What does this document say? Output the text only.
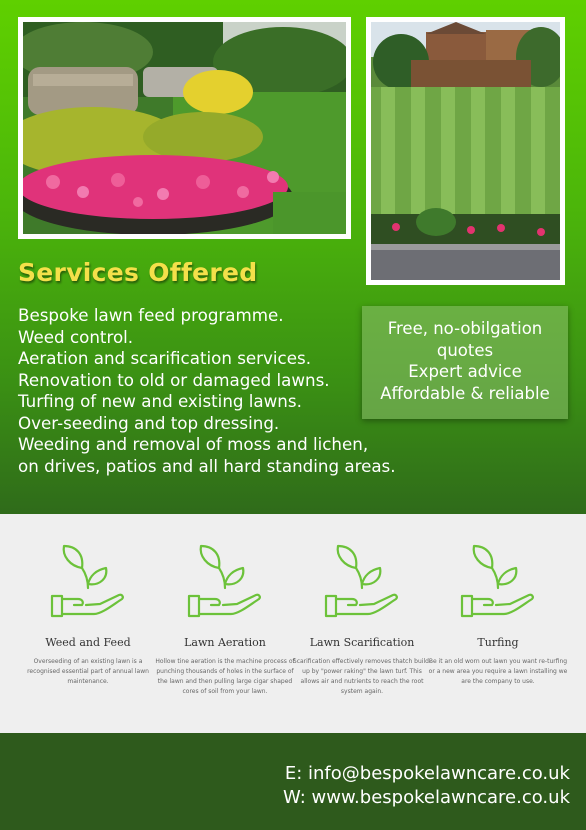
Services Offered
Bespoke lawn feed programme.
Weed control.
Aeration and scarification services.
Renovation to old or damaged lawns.
Turfing of new and existing lawns.
Over-seeding and top dressing.
Weeding and removal of moss and lichen,
on drives, patios and all hard standing areas.
Free, no-obilgation
quotes
Expert advice
Affordable & reliable
Weed and Feed
Overseeding of an existing lawn is a recognised essential part of annual lawn maintenance.
Lawn Aeration
Hollow tine aeration is the machine process of punching thousands of holes in the surface of the lawn and then pulling large cigar shaped cores of soil from your lawn.
Lawn Scarification
Scarification effectively removes thatch build-up by "power raking" the lawn turf. This allows air and nutrients to reach the root system again.
Turfing
Be it an old worn out lawn you want re-turfing or a new area you require a lawn installing we are the company to use.
E: info@bespokelawncare.co.uk
W: www.bespokelawncare.co.uk
